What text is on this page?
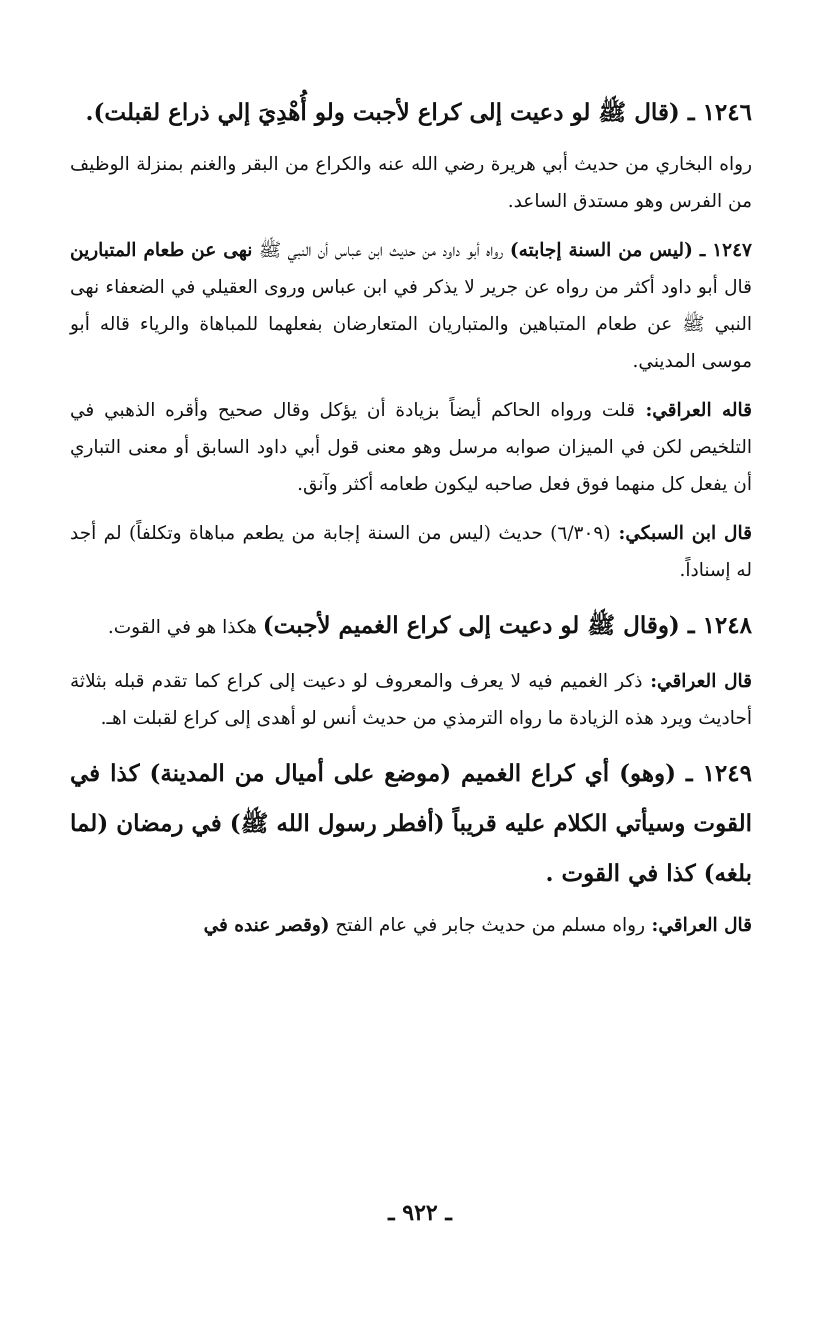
١٢٤٦ ـ (قال ﷺ لو دعيت إلى كراع لأجبت ولو أُهْدِيَ إلي ذراع لقبلت).

رواه البخاري من حديث أبي هريرة رضي الله عنه والكراع من البقر والغنم بمنزلة الوظيف من الفرس وهو مستدق الساعد.

١٢٤٧ ـ (ليس من السنة إجابته) رواه أبو داود من حديث ابن عباس أن النبي ﷺ نهى عن طعام المتبارين قال أبو داود أكثر من رواه عن جرير لا يذكر في ابن عباس وروى العقيلي في الضعفاء نهى النبي ﷺ عن طعام المتباهين والمتباريان المتعارضان بفعلهما للمباهاة والرياء قاله أبو موسى المديني.

قاله العراقي: قلت ورواه الحاكم أيضاً بزيادة أن يؤكل وقال صحيح وأقره الذهبي في التلخيص لكن في الميزان صوابه مرسل وهو معنى قول أبي داود السابق أو معنى التباري أن يفعل كل منهما فوق فعل صاحبه ليكون طعامه أكثر وآنق.

قال ابن السبكي: (٦/٣٠٩) حديث (ليس من السنة إجابة من يطعم مباهاة وتكلفاً) لم أجد له إسناداً.

١٢٤٨ ـ (وقال ﷺ لو دعيت إلى كراع الغميم لأجبت) هكذا هو في القوت.

قال العراقي: ذكر الغميم فيه لا يعرف والمعروف لو دعيت إلى كراع كما تقدم قبله بثلاثة أحاديث ويرد هذه الزيادة ما رواه الترمذي من حديث أنس لو أهدى إلى كراع لقبلت اهـ.

١٢٤٩ ـ (وهو) أي كراع الغميم (موضع على أميال من المدينة) كذا في القوت وسيأتي الكلام عليه قريباً (أفطر رسول الله ﷺ) في رمضان (لما بلغه) كذا في القوت .

قال العراقي: رواه مسلم من حديث جابر في عام الفتح (وقصر عنده في

ـ ٩٢٢ ـ
